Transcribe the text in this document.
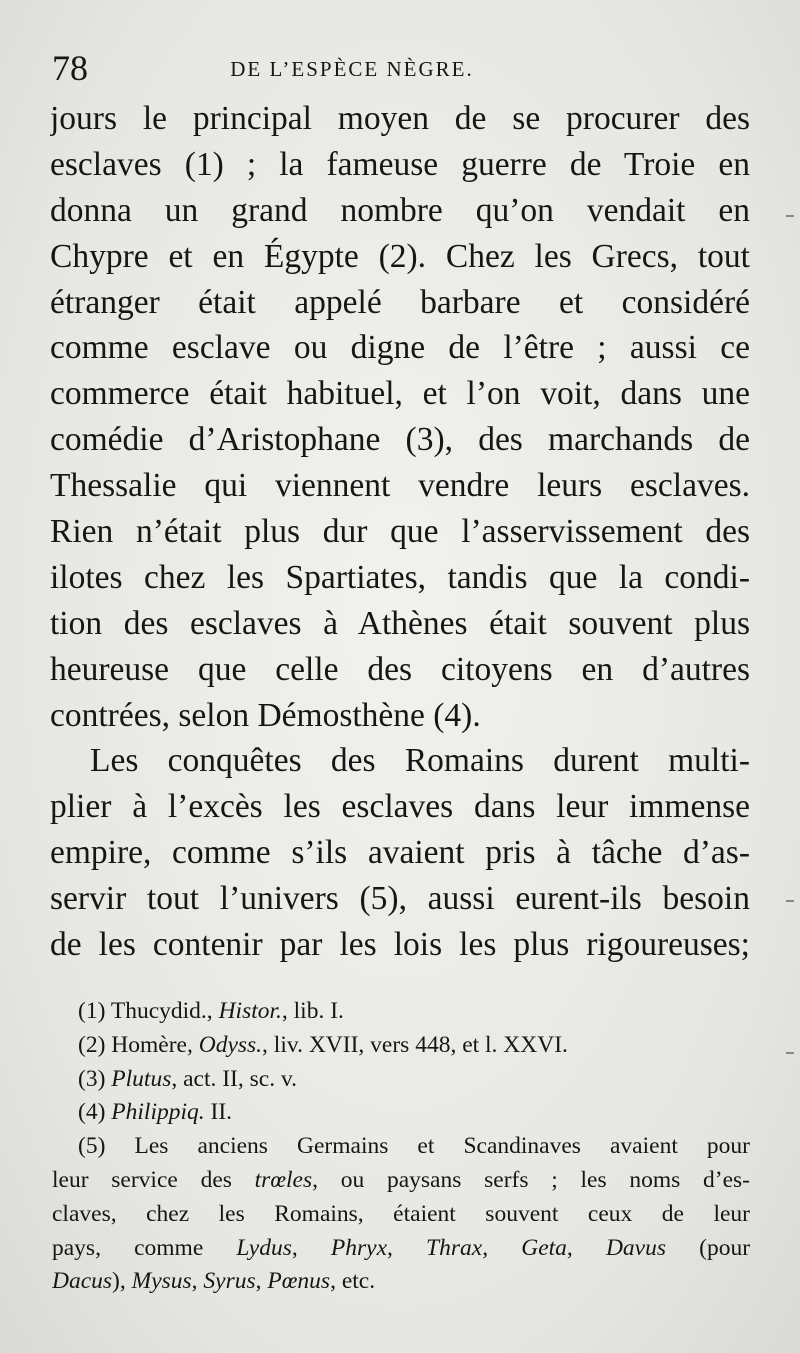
78	DE L’ESPÈCE NÈGRE.
jours le principal moyen de se procurer des
esclaves (1) ; la fameuse guerre de Troie en
donna un grand nombre qu’on vendait en
Chypre et en Égypte (2). Chez les Grecs, tout
étranger était appelé barbare et considéré
comme esclave ou digne de l’être ; aussi ce
commerce était habituel, et l’on voit, dans une
comédie d’Aristophane (3), des marchands de
Thessalie qui viennent vendre leurs esclaves.
Rien n’était plus dur que l’asservissement des
ilotes chez les Spartiates, tandis que la condi-
tion des esclaves à Athènes était souvent plus
heureuse que celle des citoyens en d’autres
contrées, selon Démosthène (4).
Les conquêtes des Romains durent multi-
plier à l’excès les esclaves dans leur immense
empire, comme s’ils avaient pris à tâche d’as-
servir tout l’univers (5), aussi eurent-ils besoin
de les contenir par les lois les plus rigoureuses;
(1) Thucydid., Histor., lib. I.
(2) Homère, Odyss., liv. XVII, vers 448, et l. XXVI.
(3) Plutus, act. II, sc. v.
(4) Philippiq. II.
(5) Les anciens Germains et Scandinaves avaient pour
leur service des trœles, ou paysans serfs ; les noms d’es-
claves, chez les Romains, étaient souvent ceux de leur
pays, comme Lydus, Phryx, Thrax, Geta, Davus (pour
Dacus), Mysus, Syrus, Pœnus, etc.
